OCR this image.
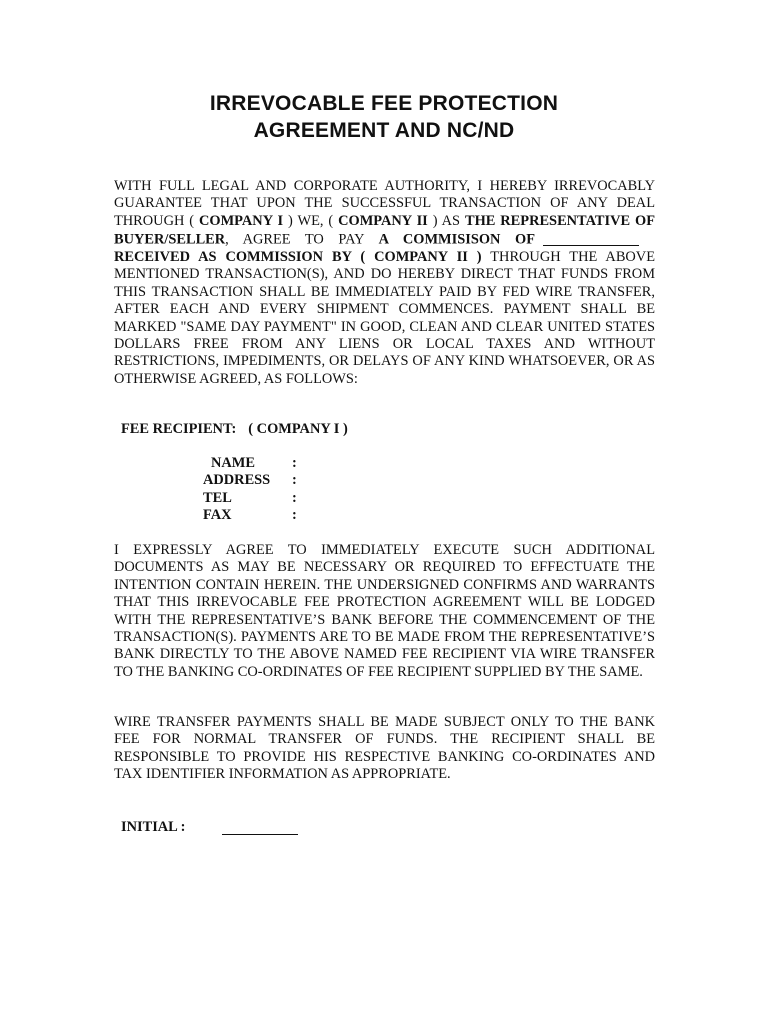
IRREVOCABLE FEE PROTECTION
AGREEMENT AND NC/ND
WITH FULL LEGAL AND CORPORATE AUTHORITY, I HEREBY IRREVOCABLY GUARANTEE THAT UPON THE SUCCESSFUL TRANSACTION OF ANY DEAL THROUGH ( COMPANY I ) WE, ( COMPANY II ) AS THE REPRESENTATIVE OF BUYER/SELLER, AGREE TO PAY A COMMISISON OFRECEIVED AS COMMISSION BY ( COMPANY II ) THROUGH THE ABOVE MENTIONED TRANSACTION(S), AND DO HEREBY DIRECT THAT FUNDS FROM THIS TRANSACTION SHALL BE IMMEDIATELY PAID BY FED WIRE TRANSFER, AFTER EACH AND EVERY SHIPMENT COMMENCES. PAYMENT SHALL BE MARKED "SAME DAY PAYMENT" IN GOOD, CLEAN AND CLEAR UNITED STATES DOLLARS FREE FROM ANY LIENS OR LOCAL TAXES AND WITHOUT RESTRICTIONS, IMPEDIMENTS, OR DELAYS OF ANY KIND WHATSOEVER, OR AS OTHERWISE AGREED, AS FOLLOWS:
FEE RECIPIENT: ( COMPANY I )
NAME	:
ADDRESS :
TEL	:
FAX	:
I EXPRESSLY AGREE TO IMMEDIATELY EXECUTE SUCH ADDITIONAL DOCUMENTS AS MAY BE NECESSARY OR REQUIRED TO EFFECTUATE THE INTENTION CONTAIN HEREIN. THE UNDERSIGNED CONFIRMS AND WARRANTS THAT THIS IRREVOCABLE FEE PROTECTION AGREEMENT WILL BE LODGED WITH THE REPRESENTATIVE’S BANK BEFORE THE COMMENCEMENT OF THE TRANSACTION(S). PAYMENTS ARE TO BE MADE FROM THE REPRESENTATIVE’S BANK DIRECTLY TO THE ABOVE NAMED FEE RECIPIENT VIA WIRE TRANSFER TO THE BANKING CO-ORDINATES OF FEE RECIPIENT SUPPLIED BY THE SAME.
WIRE TRANSFER PAYMENTS SHALL BE MADE SUBJECT ONLY TO THE BANK FEE FOR NORMAL TRANSFER OF FUNDS. THE RECIPIENT SHALL BE RESPONSIBLE TO PROVIDE HIS RESPECTIVE BANKING CO-ORDINATES AND TAX IDENTIFIER INFORMATION AS APPROPRIATE.
INITIAL :
